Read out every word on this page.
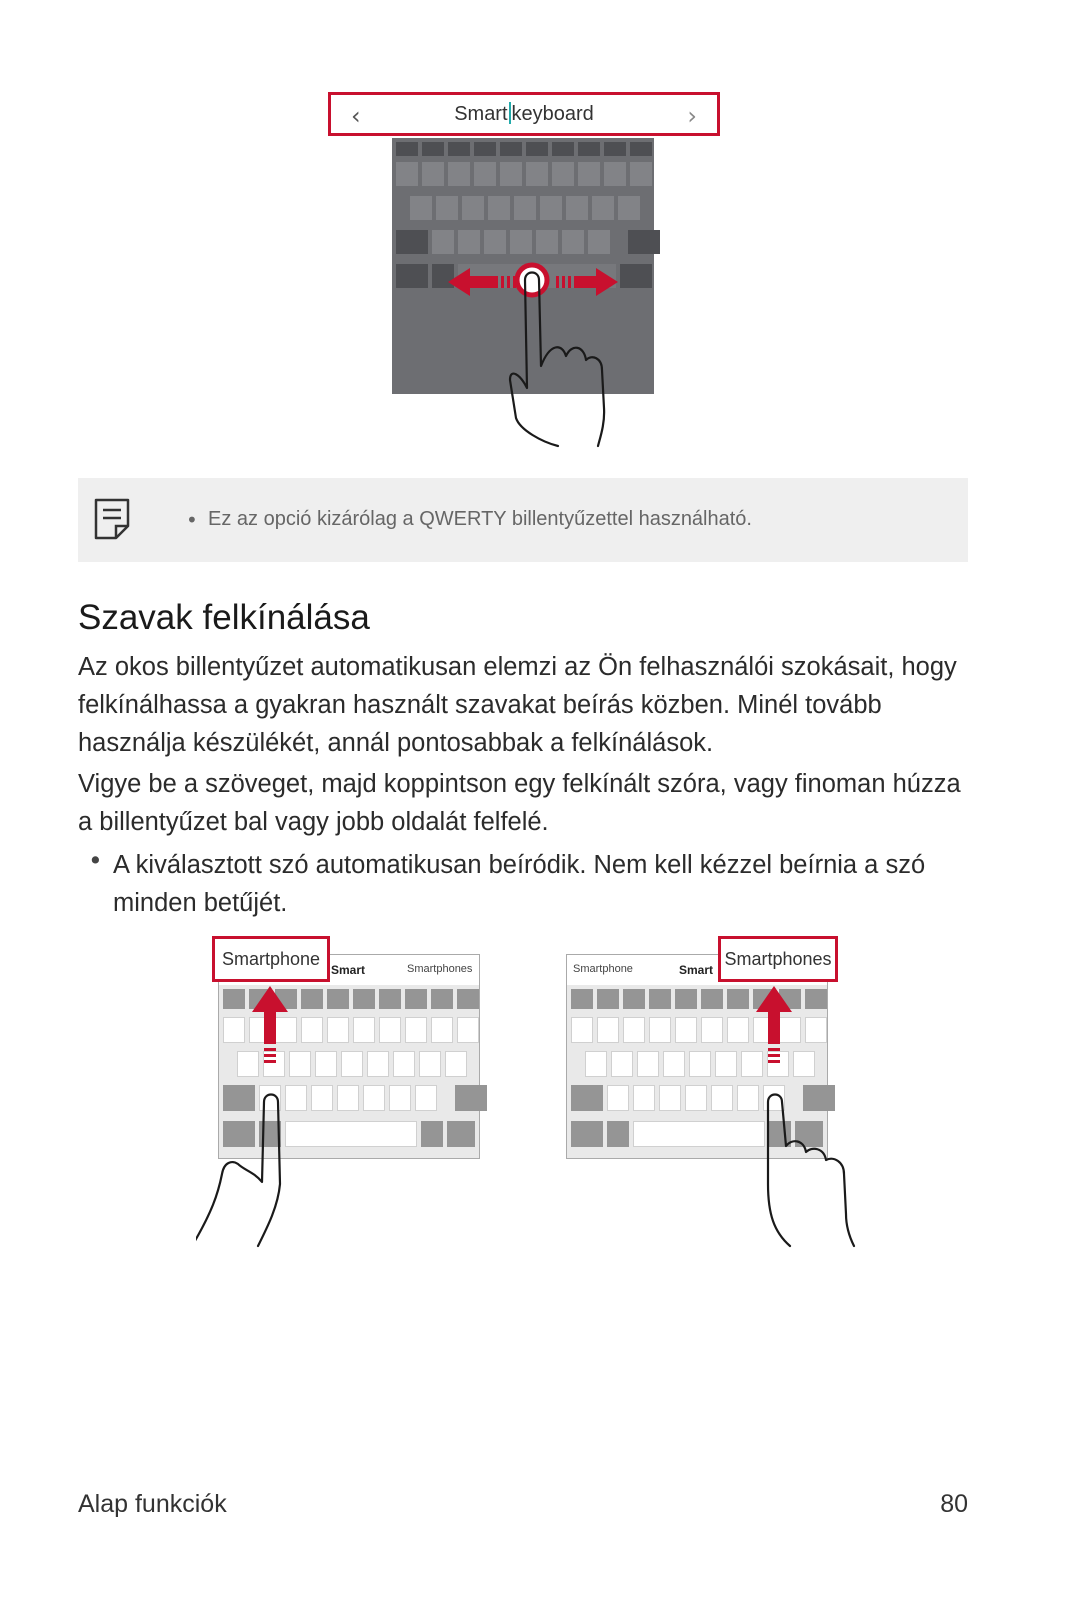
‹	Smart keyboard	›
• Ez az opció kizárólag a QWERTY billentyűzettel használható.
Szavak felkínálása

Az okos billentyűzet automatikusan elemzi az Ön felhasználói szokásait, hogy felkínálhassa a gyakran használt szavakat beírás közben. Minél tovább használja készülékét, annál pontosabbak a felkínálások.

Vigye be a szöveget, majd koppintson egy felkínált szóra, vagy finoman húzza a billentyűzet bal vagy jobb oldalát felfelé.

• A kiválasztott szó automatikusan beíródik. Nem kell kézzel beírnia a szó minden betűjét.

Smart	Smartphones
Smartphone
Smartphone	Smart
Smartphones
Alap funkciók	80
